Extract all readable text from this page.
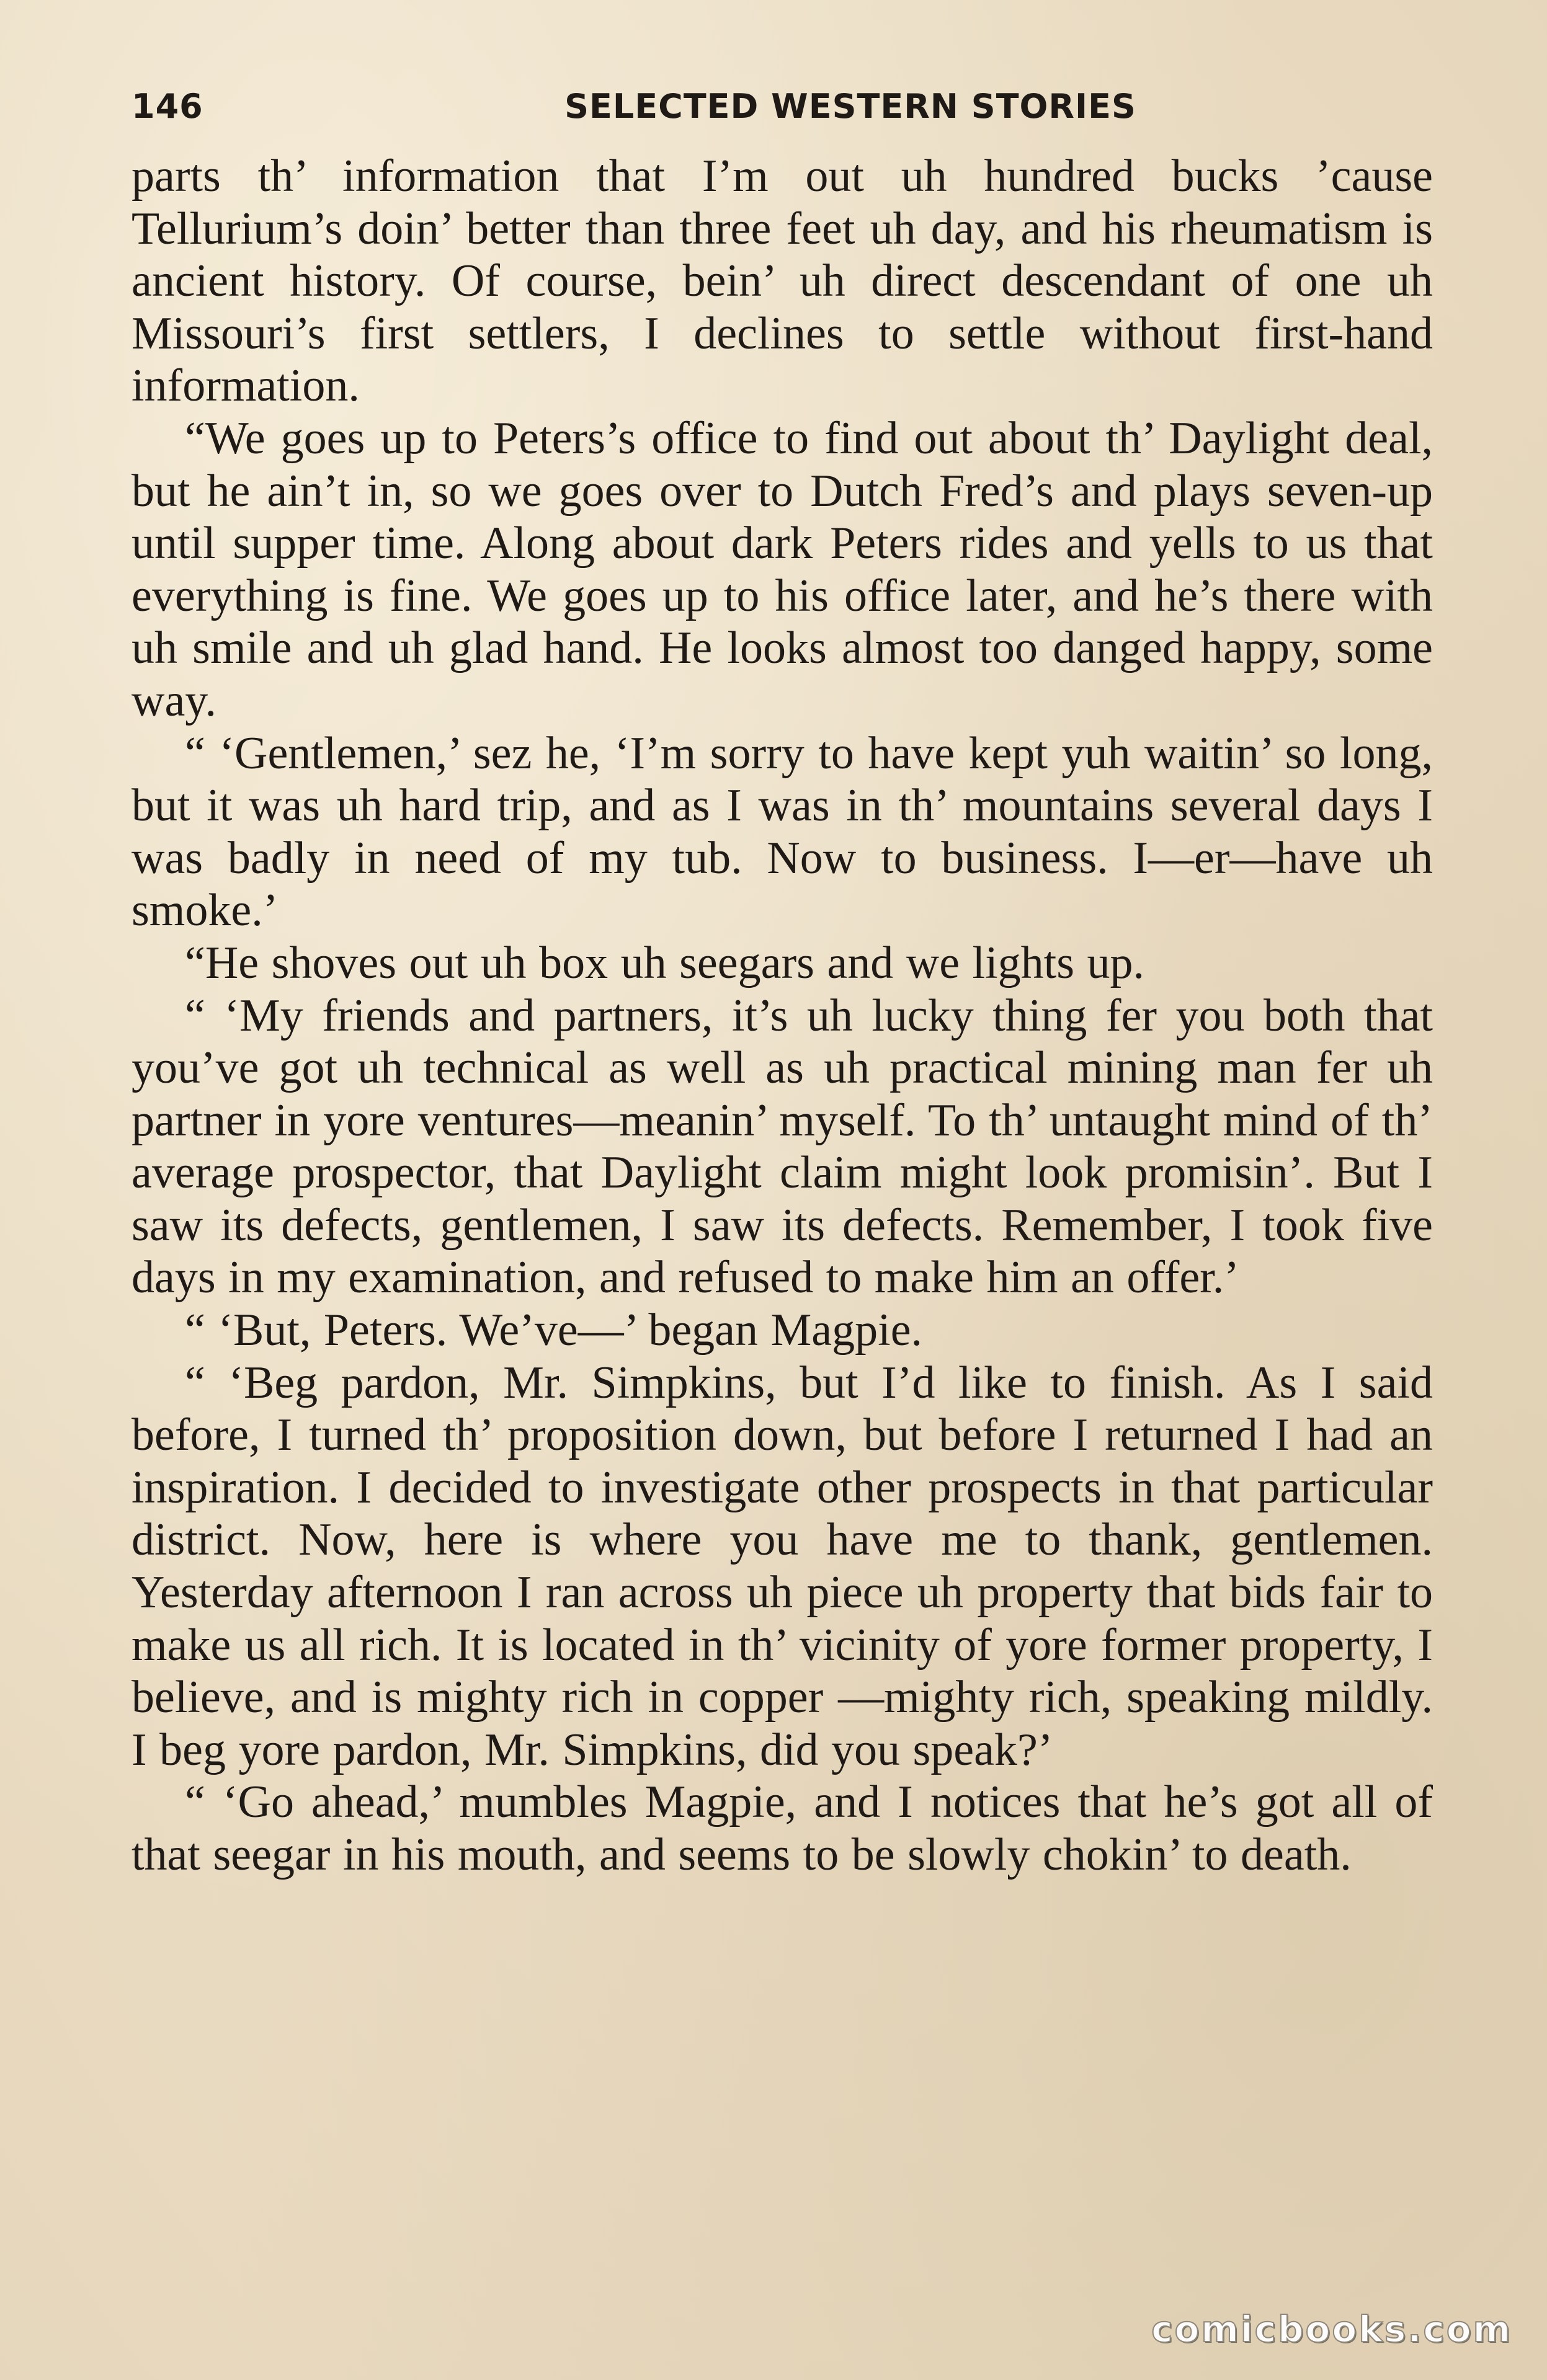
146	SELECTED WESTERN STORIES

parts th’ information that I’m out uh hundred bucks ’cause Tellurium’s doin’ better than three feet uh day, and his rheumatism is ancient history. Of course, bein’ uh direct descendant of one uh Missouri’s first settlers, I declines to settle without first-hand information.

“We goes up to Peters’s office to find out about th’ Daylight deal, but he ain’t in, so we goes over to Dutch Fred’s and plays seven-up until supper time. Along about dark Peters rides and yells to us that everything is fine. We goes up to his office later, and he’s there with uh smile and uh glad hand. He looks almost too danged happy, some way.

“ ‘Gentlemen,’ sez he, ‘I’m sorry to have kept yuh waitin’ so long, but it was uh hard trip, and as I was in th’ mountains several days I was badly in need of my tub. Now to business. I—er—have uh smoke.’

“He shoves out uh box uh seegars and we lights up.

“ ‘My friends and partners, it’s uh lucky thing fer you both that you’ve got uh technical as well as uh practical mining man fer uh partner in yore ventures—meanin’ myself. To th’ untaught mind of th’ average prospector, that Daylight claim might look promisin’. But I saw its defects, gentlemen, I saw its defects. Remember, I took five days in my examination, and refused to make him an offer.’

“ ‘But, Peters. We’ve—’ began Magpie.

“ ‘Beg pardon, Mr. Simpkins, but I’d like to finish. As I said before, I turned th’ proposition down, but before I returned I had an inspiration. I decided to investigate other prospects in that particular district. Now, here is where you have me to thank, gentlemen. Yesterday afternoon I ran across uh piece uh property that bids fair to make us all rich. It is located in th’ vicinity of yore former property, I believe, and is mighty rich in copper —mighty rich, speaking mildly. I beg yore pardon, Mr. Simpkins, did you speak?’

“ ‘Go ahead,’ mumbles Magpie, and I notices that he’s got all of that seegar in his mouth, and seems to be slowly chokin’ to death.

comicbooks.com
